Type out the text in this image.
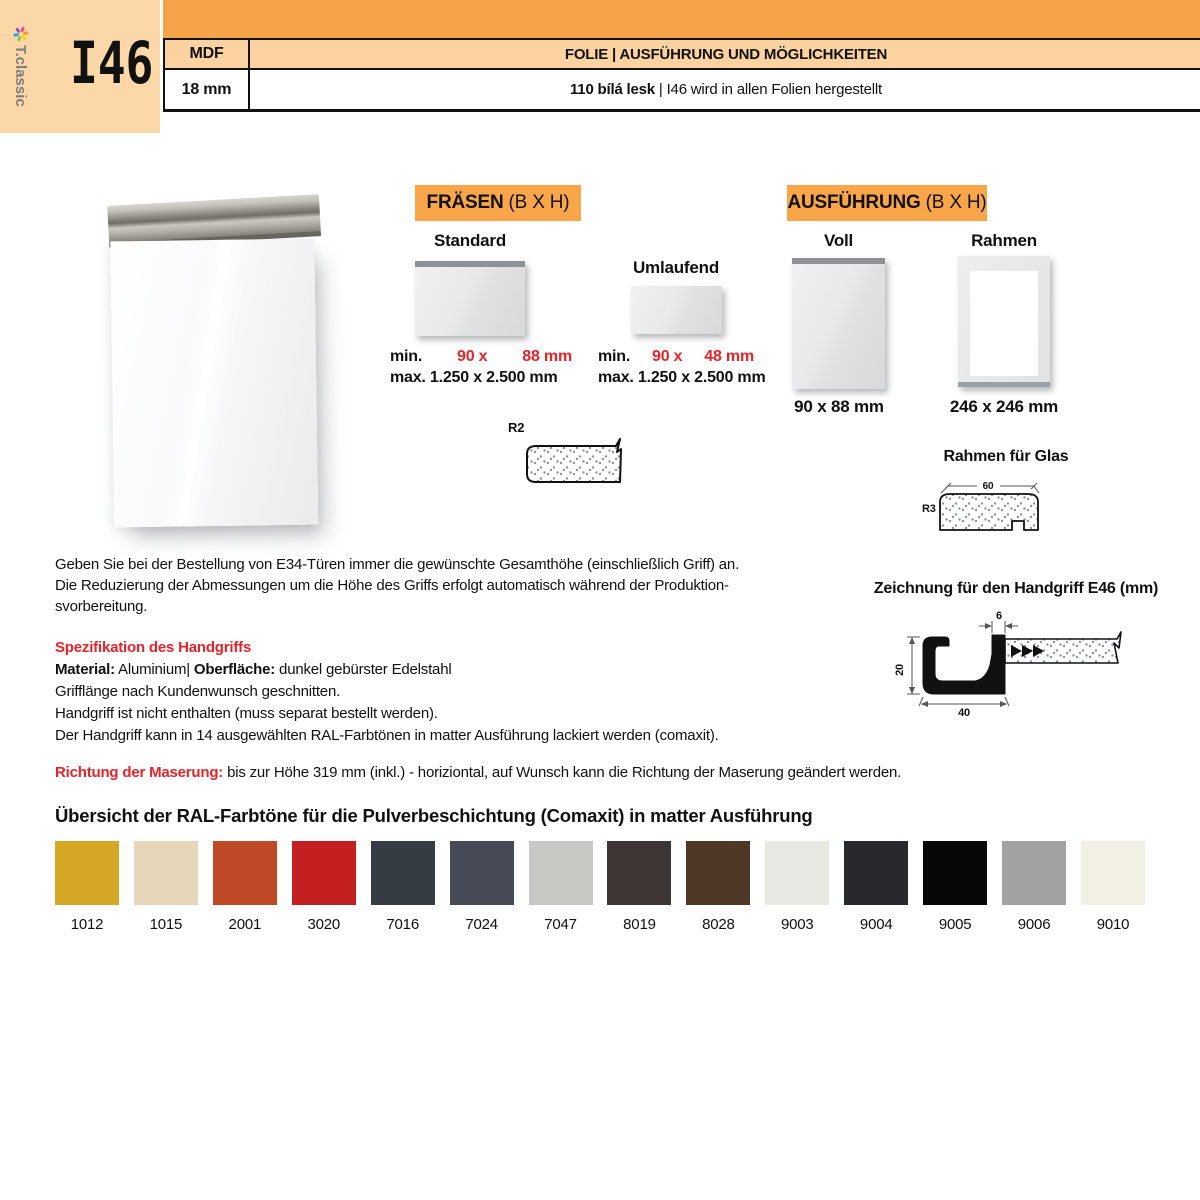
T.classic I46	MDF	FOLIE | AUSFÜHRUNG UND MÖGLICHKEITEN
18 mm	110 bílá lesk | I46 wird in allen Folien hergestellt
FRÄSEN (B X H)
Standard
min. 90 x 88 mm
max. 1.250 x 2.500 mm
Umlaufend
min. 90 x 48 mm
max. 1.250 x 2.500 mm
R2
AUSFÜHRUNG (B X H)
Voll
90 x 88 mm
Rahmen
246 x 246 mm
Rahmen für Glas
R3
60
Geben Sie bei der Bestellung von E34-Türen immer die gewünschte Gesamthöhe (einschließlich Griff) an.
Die Reduzierung der Abmessungen um die Höhe des Griffs erfolgt automatisch während der Produktion-
svorbereitung.
Spezifikation des Handgriffs
Material: Aluminium| Oberfläche: dunkel gebürster Edelstahl
Grifflänge nach Kundenwunsch geschnitten.
Handgriff ist nicht enthalten (muss separat bestellt werden).
Der Handgriff kann in 14 ausgewählten RAL-Farbtönen in matter Ausführung lackiert werden (comaxit).
Richtung der Maserung: bis zur Höhe 319 mm (inkl.) - horiziontal, auf Wunsch kann die Richtung der Maserung geändert werden.
Zeichnung für den Handgriff E46 (mm)
6
20
40
Übersicht der RAL-Farbtöne für die Pulverbeschichtung (Comaxit) in matter Ausführung
1012	1015	2001	3020	7016	7024	7047	8019	8028	9003	9004	9005	9006	9010
